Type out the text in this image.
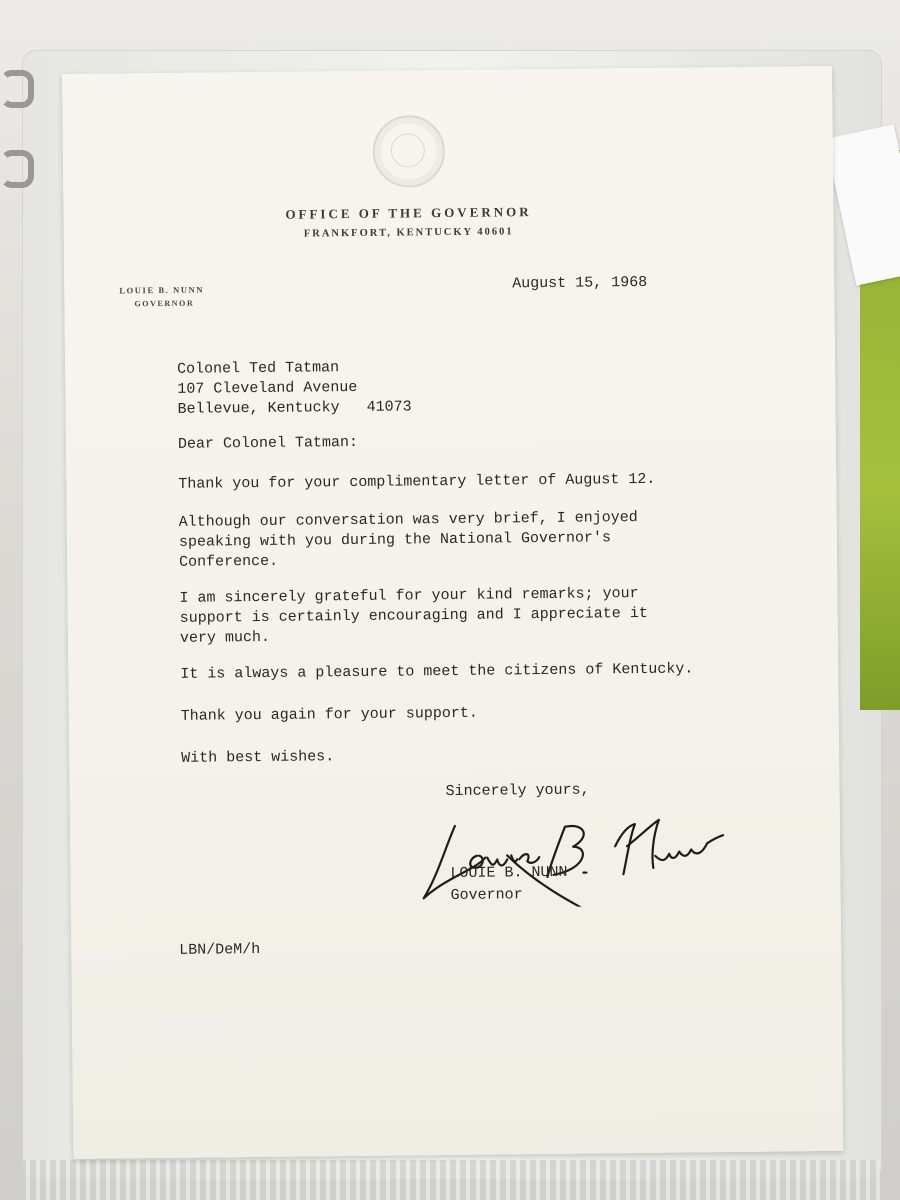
OFFICE OF THE GOVERNOR
FRANKFORT, KENTUCKY 40601
LOUIE B. NUNN
GOVERNOR
August 15, 1968
Colonel Ted Tatman
107 Cleveland Avenue
Bellevue, Kentucky   41073
Dear Colonel Tatman:
Thank you for your complimentary letter of August 12.
Although our conversation was very brief, I enjoyed
speaking with you during the National Governor's
Conference.
I am sincerely grateful for your kind remarks; your
support is certainly encouraging and I appreciate it
very much.
It is always a pleasure to meet the citizens of Kentucky.
Thank you again for your support.
With best wishes.
Sincerely yours,
LOUIE B. NUNN
Governor
LBN/DeM/h
